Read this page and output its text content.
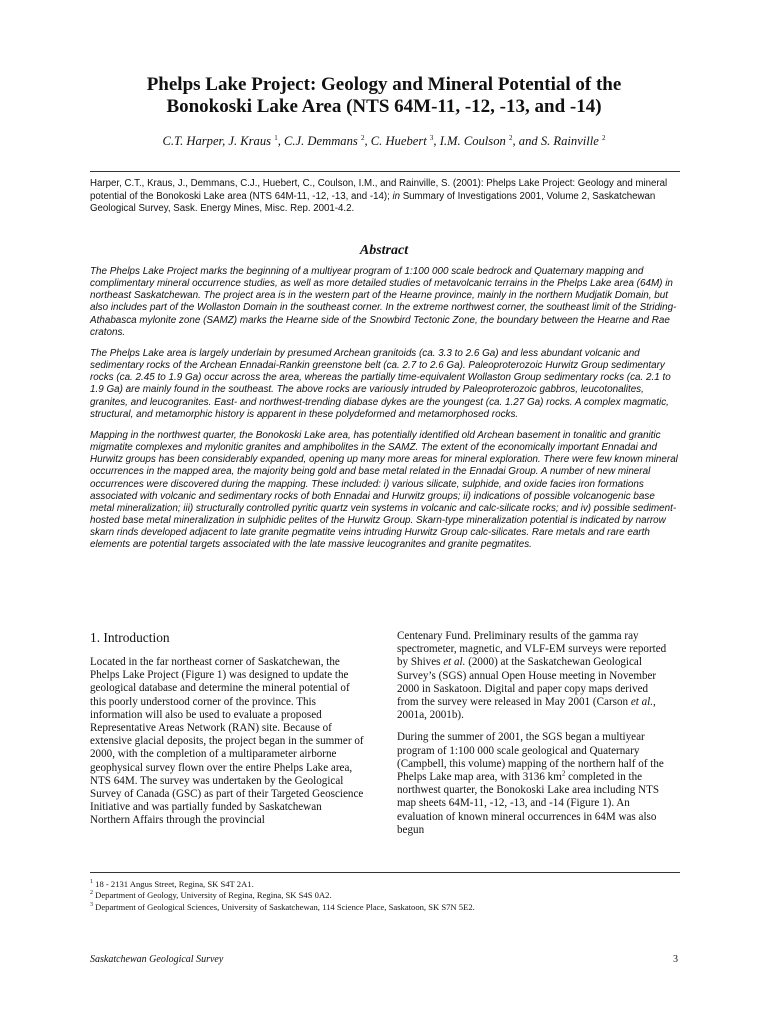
Phelps Lake Project: Geology and Mineral Potential of the
Bonokoski Lake Area (NTS 64M-11, -12, -13, and -14)
C.T. Harper, J. Kraus $^1$, C.J. Demmans $^2$, C. Huebert $^3$, I.M. Coulson $^2$, and S. Rainville $^2$
Harper, C.T., Kraus, J., Demmans, C.J., Huebert, C., Coulson, I.M., and Rainville, S. (2001): Phelps Lake Project: Geology and mineral potential of the Bonokoski Lake area (NTS 64M-11, -12, -13, and -14); in Summary of Investigations 2001, Volume 2, Saskatchewan Geological Survey, Sask. Energy Mines, Misc. Rep. 2001-4.2.
Abstract

The Phelps Lake Project marks the beginning of a multiyear program of 1:100 000 scale bedrock and Quaternary mapping and complimentary mineral occurrence studies, as well as more detailed studies of metavolcanic terrains in the Phelps Lake area (64M) in northeast Saskatchewan. The project area is in the western part of the Hearne province, mainly in the northern Mudjatik Domain, but also includes part of the Wollaston Domain in the southeast corner. In the extreme northwest corner, the southeast limit of the Striding-Athabasca mylonite zone (SAMZ) marks the Hearne side of the Snowbird Tectonic Zone, the boundary between the Hearne and Rae cratons.

The Phelps Lake area is largely underlain by presumed Archean granitoids (ca. 3.3 to 2.6 Ga) and less abundant volcanic and sedimentary rocks of the Archean Ennadai-Rankin greenstone belt (ca. 2.7 to 2.6 Ga). Paleoproterozoic Hurwitz Group sedimentary rocks (ca. 2.45 to 1.9 Ga) occur across the area, whereas the partially time-equivalent Wollaston Group sedimentary rocks (ca. 2.1 to 1.9 Ga) are mainly found in the southeast. The above rocks are variously intruded by Paleoproterozoic gabbros, leucotonalites, granites, and leucogranites. East- and northwest-trending diabase dykes are the youngest (ca. 1.27 Ga) rocks. A complex magmatic, structural, and metamorphic history is apparent in these polydeformed and metamorphosed rocks.

Mapping in the northwest quarter, the Bonokoski Lake area, has potentially identified old Archean basement in tonalitic and granitic migmatite complexes and mylonitic granites and amphibolites in the SAMZ. The extent of the economically important Ennadai and Hurwitz groups has been considerably expanded, opening up many more areas for mineral exploration. There were few known mineral occurrences in the mapped area, the majority being gold and base metal related in the Ennadai Group. A number of new mineral occurrences were discovered during the mapping. These included: i) various silicate, sulphide, and oxide facies iron formations associated with volcanic and sedimentary rocks of both Ennadai and Hurwitz groups; ii) indications of possible volcanogenic base metal mineralization; iii) structurally controlled pyritic quartz vein systems in volcanic and calc-silicate rocks; and iv) possible sediment-hosted base metal mineralization in sulphidic pelites of the Hurwitz Group. Skarn-type mineralization potential is indicated by narrow skarn rinds developed adjacent to late granite pegmatite veins intruding Hurwitz Group calc-silicates. Rare metals and rare earth elements are potential targets associated with the late massive leucogranites and granite pegmatites.

1. Introduction

Located in the far northeast corner of Saskatchewan, the Phelps Lake Project (Figure 1) was designed to update the geological database and determine the mineral potential of this poorly understood corner of the province. This information will also be used to evaluate a proposed Representative Areas Network (RAN) site. Because of extensive glacial deposits, the project began in the summer of 2000, with the completion of a multiparameter airborne geophysical survey flown over the entire Phelps Lake area, NTS 64M. The survey was undertaken by the Geological Survey of Canada (GSC) as part of their Targeted Geoscience Initiative and was partially funded by Saskatchewan Northern Affairs through the provincial

Centenary Fund. Preliminary results of the gamma ray spectrometer, magnetic, and VLF-EM surveys were reported by Shives et al. (2000) at the Saskatchewan Geological Survey’s (SGS) annual Open House meeting in November 2000 in Saskatoon. Digital and paper copy maps derived from the survey were released in May 2001 (Carson et al., 2001a, 2001b).

During the summer of 2001, the SGS began a multiyear program of 1:100 000 scale geological and Quaternary (Campbell, this volume) mapping of the northern half of the Phelps Lake map area, with 3136 $km^2$ completed in the northwest quarter, the Bonokoski Lake area including NTS map sheets 64M-11, -12, -13, and -14 (Figure 1). An evaluation of known mineral occurrences in 64M was also begun

$^1$ 18 - 2131 Angus Street, Regina, SK S4T 2A1.
$^2$ Department of Geology, University of Regina, Regina, SK S4S 0A2.
$^3$ Department of Geological Sciences, University of Saskatchewan, 114 Science Place, Saskatoon, SK S7N 5E2.
Saskatchewan Geological Survey	3
